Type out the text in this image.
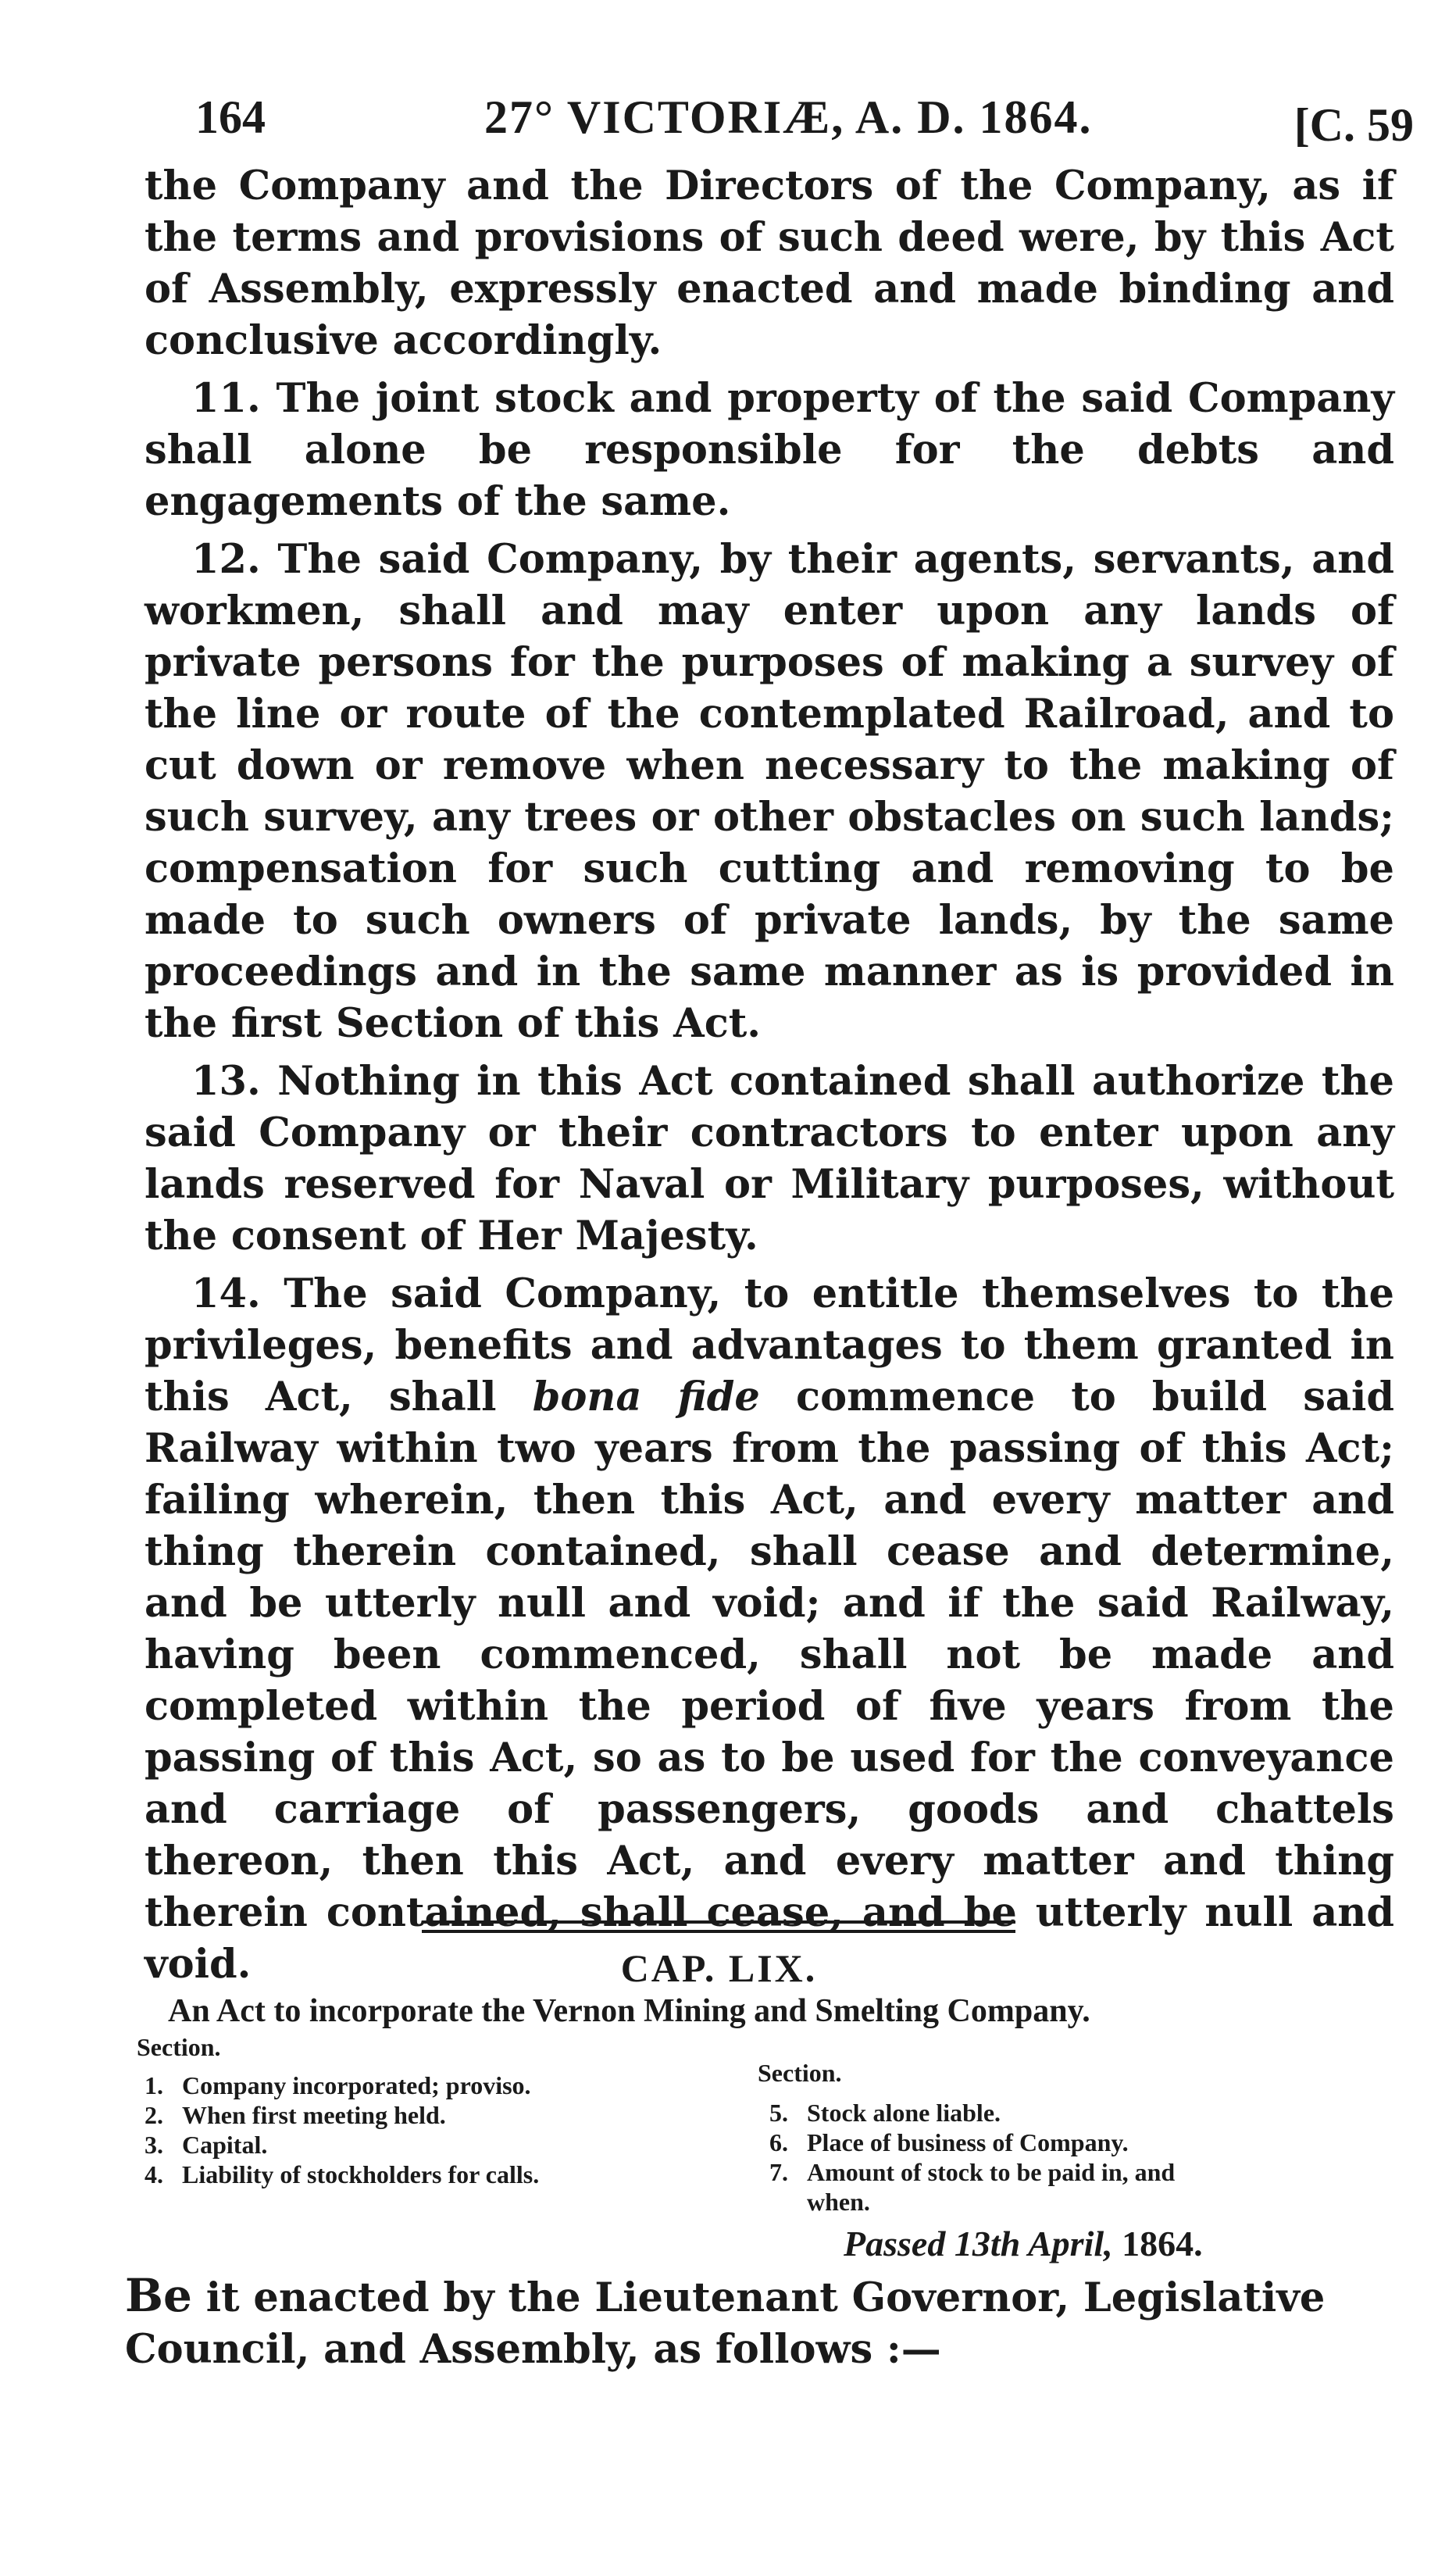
164	27° VICTORIÆ, A. D. 1864.	[C. 59

the Company and the Directors of the Company, as if the terms and provisions of such deed were, by this Act of Assembly, expressly enacted and made binding and conclusive accordingly.

11. The joint stock and property of the said Company shall alone be responsible for the debts and engagements of the same.

12. The said Company, by their agents, servants, and workmen, shall and may enter upon any lands of private persons for the purposes of making a survey of the line or route of the contemplated Railroad, and to cut down or remove when necessary to the making of such survey, any trees or other obstacles on such lands; compensation for such cutting and removing to be made to such owners of private lands, by the same proceedings and in the same manner as is provided in the first Section of this Act.

13. Nothing in this Act contained shall authorize the said Company or their contractors to enter upon any lands reserved for Naval or Military purposes, without the consent of Her Majesty.

14. The said Company, to entitle themselves to the privileges, benefits and advantages to them granted in this Act, shall bona fide commence to build said Railway within two years from the passing of this Act; failing wherein, then this Act, and every matter and thing therein contained, shall cease and determine, and be utterly null and void; and if the said Railway, having been commenced, shall not be made and completed within the period of five years from the passing of this Act, so as to be used for the conveyance and carriage of passengers, goods and chattels thereon, then this Act, and every matter and thing therein contained, shall cease, and be utterly null and void.	CAP. LIX.
An Act to incorporate the Vernon Mining and Smelting Company.
Section.
Section.
1. Company incorporated; proviso.
2. When first meeting held.
3. Capital.
4. Liability of stockholders for calls.
5. Stock alone liable.
6. Place of business of Company.
7. Amount of stock to be paid in, and
when.
Passed 13th April, 1864.
Be it enacted by the Lieutenant Governor, Legislative Council, and Assembly, as follows :—
